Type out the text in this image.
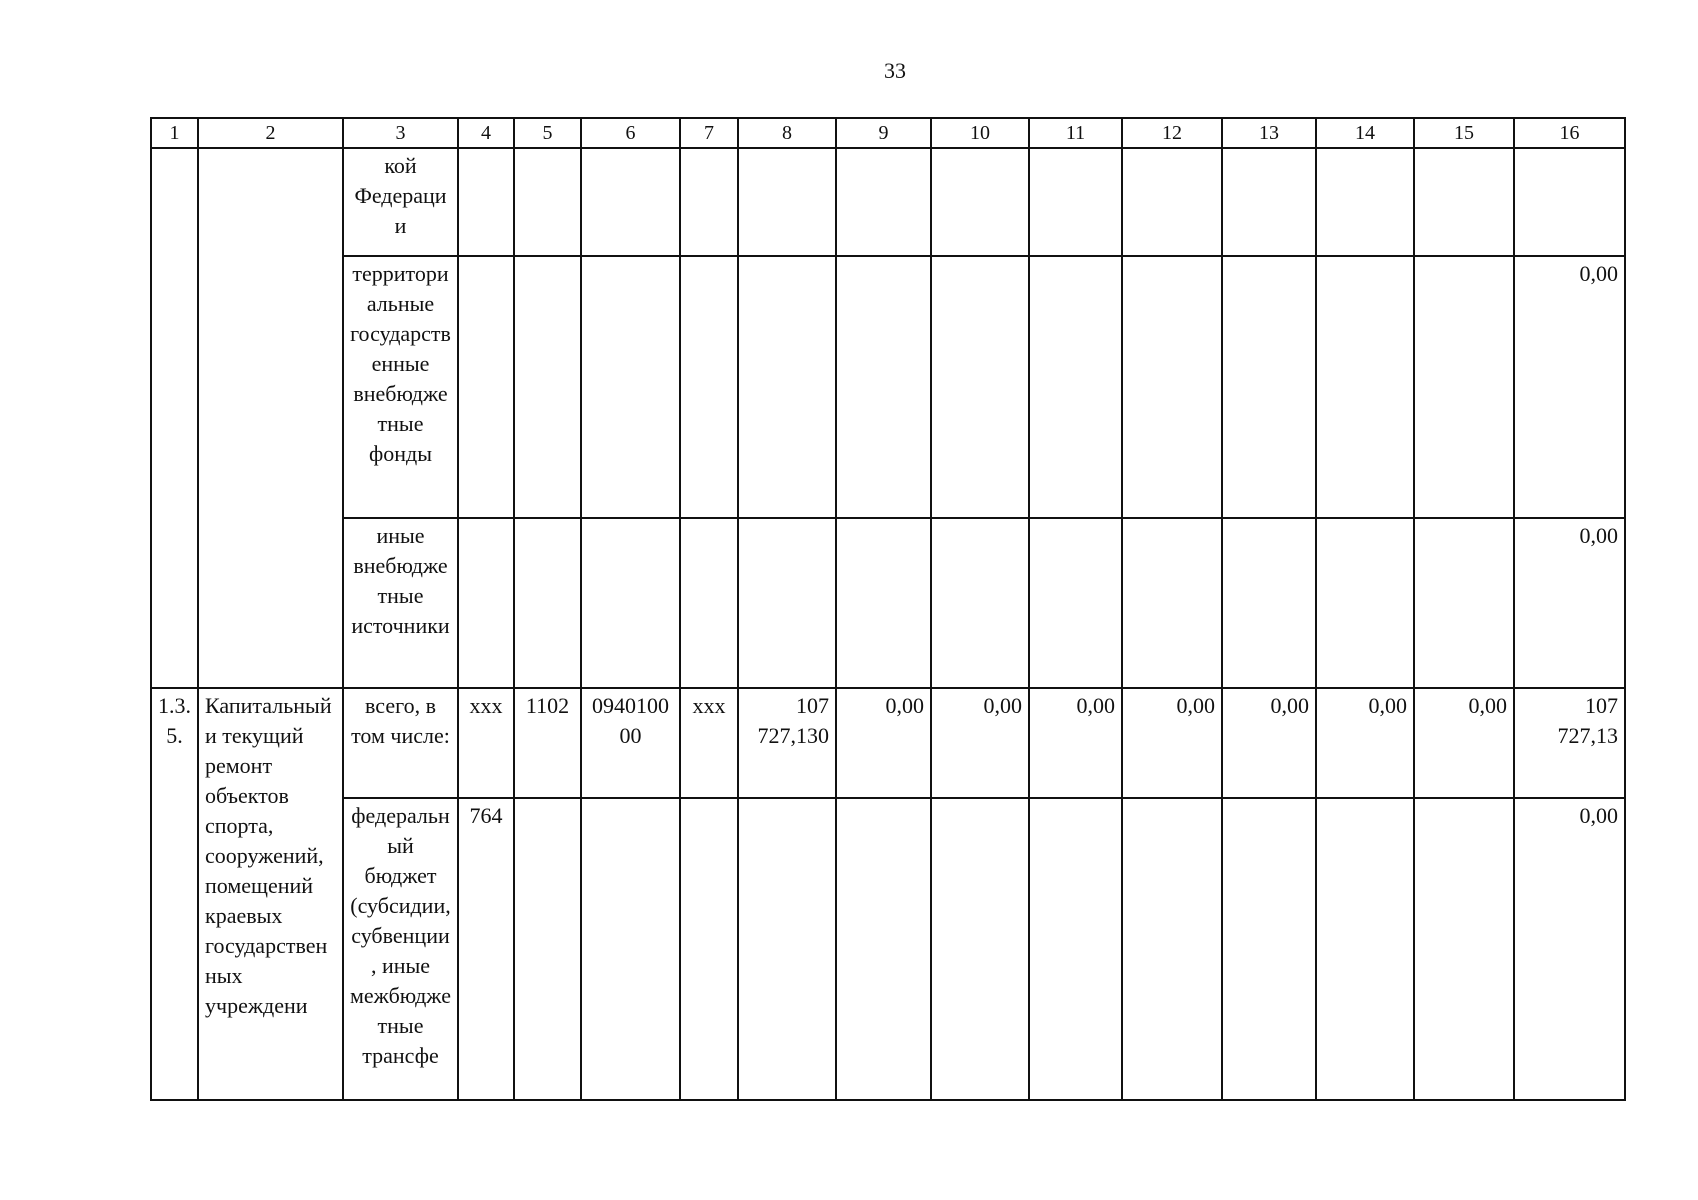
33
1	2	3	4	5	6	7	8	9	10	11	12	13	14	15	16
		кой Федерации													
		территориальные государственные внебюджетные фонды													0,00
		иные внебюджетные источники													0,00
1.3.5.	Капитальный и текущий ремонт объектов спорта, сооружений, помещений краевых государственных учреждени	всего, в том числе:	ххх	1102	094010000	ххх	107 727,130	0,00	0,00	0,00	0,00	0,00	0,00	0,00	107 727,13
		федеральный бюджет (субсидии, субвенции, иные межбюджетные трансфе	764												0,00
